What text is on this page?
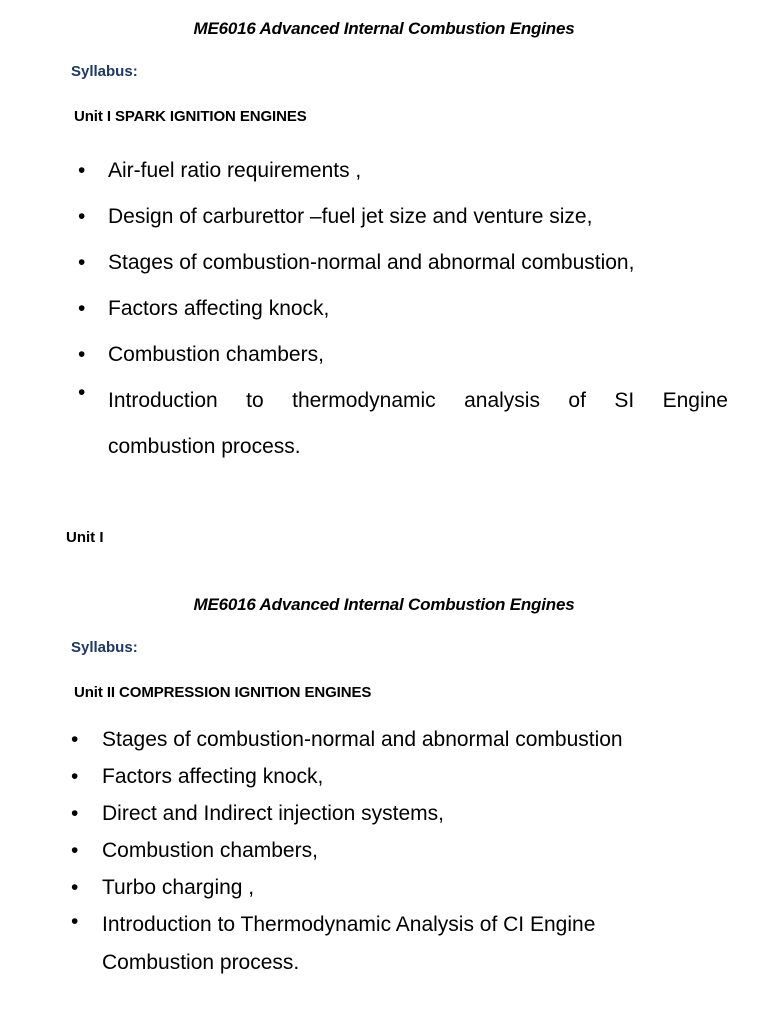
ME6016 Advanced Internal Combustion Engines
Syllabus:
Unit I SPARK IGNITION ENGINES
• Air-fuel ratio requirements ,
• Design of carburettor –fuel jet size and venture size,
• Stages of combustion-normal and abnormal combustion,
• Factors affecting knock,
• Combustion chambers,
• Introduction to thermodynamic analysis of SI Engine
combustion process.
Unit I
ME6016 Advanced Internal Combustion Engines
Syllabus:
Unit II COMPRESSION IGNITION ENGINES
• Stages of combustion-normal and abnormal combustion
• Factors affecting knock,
• Direct and Indirect injection systems,
• Combustion chambers,
• Turbo charging ,
• Introduction to Thermodynamic Analysis of CI Engine
Combustion process.
